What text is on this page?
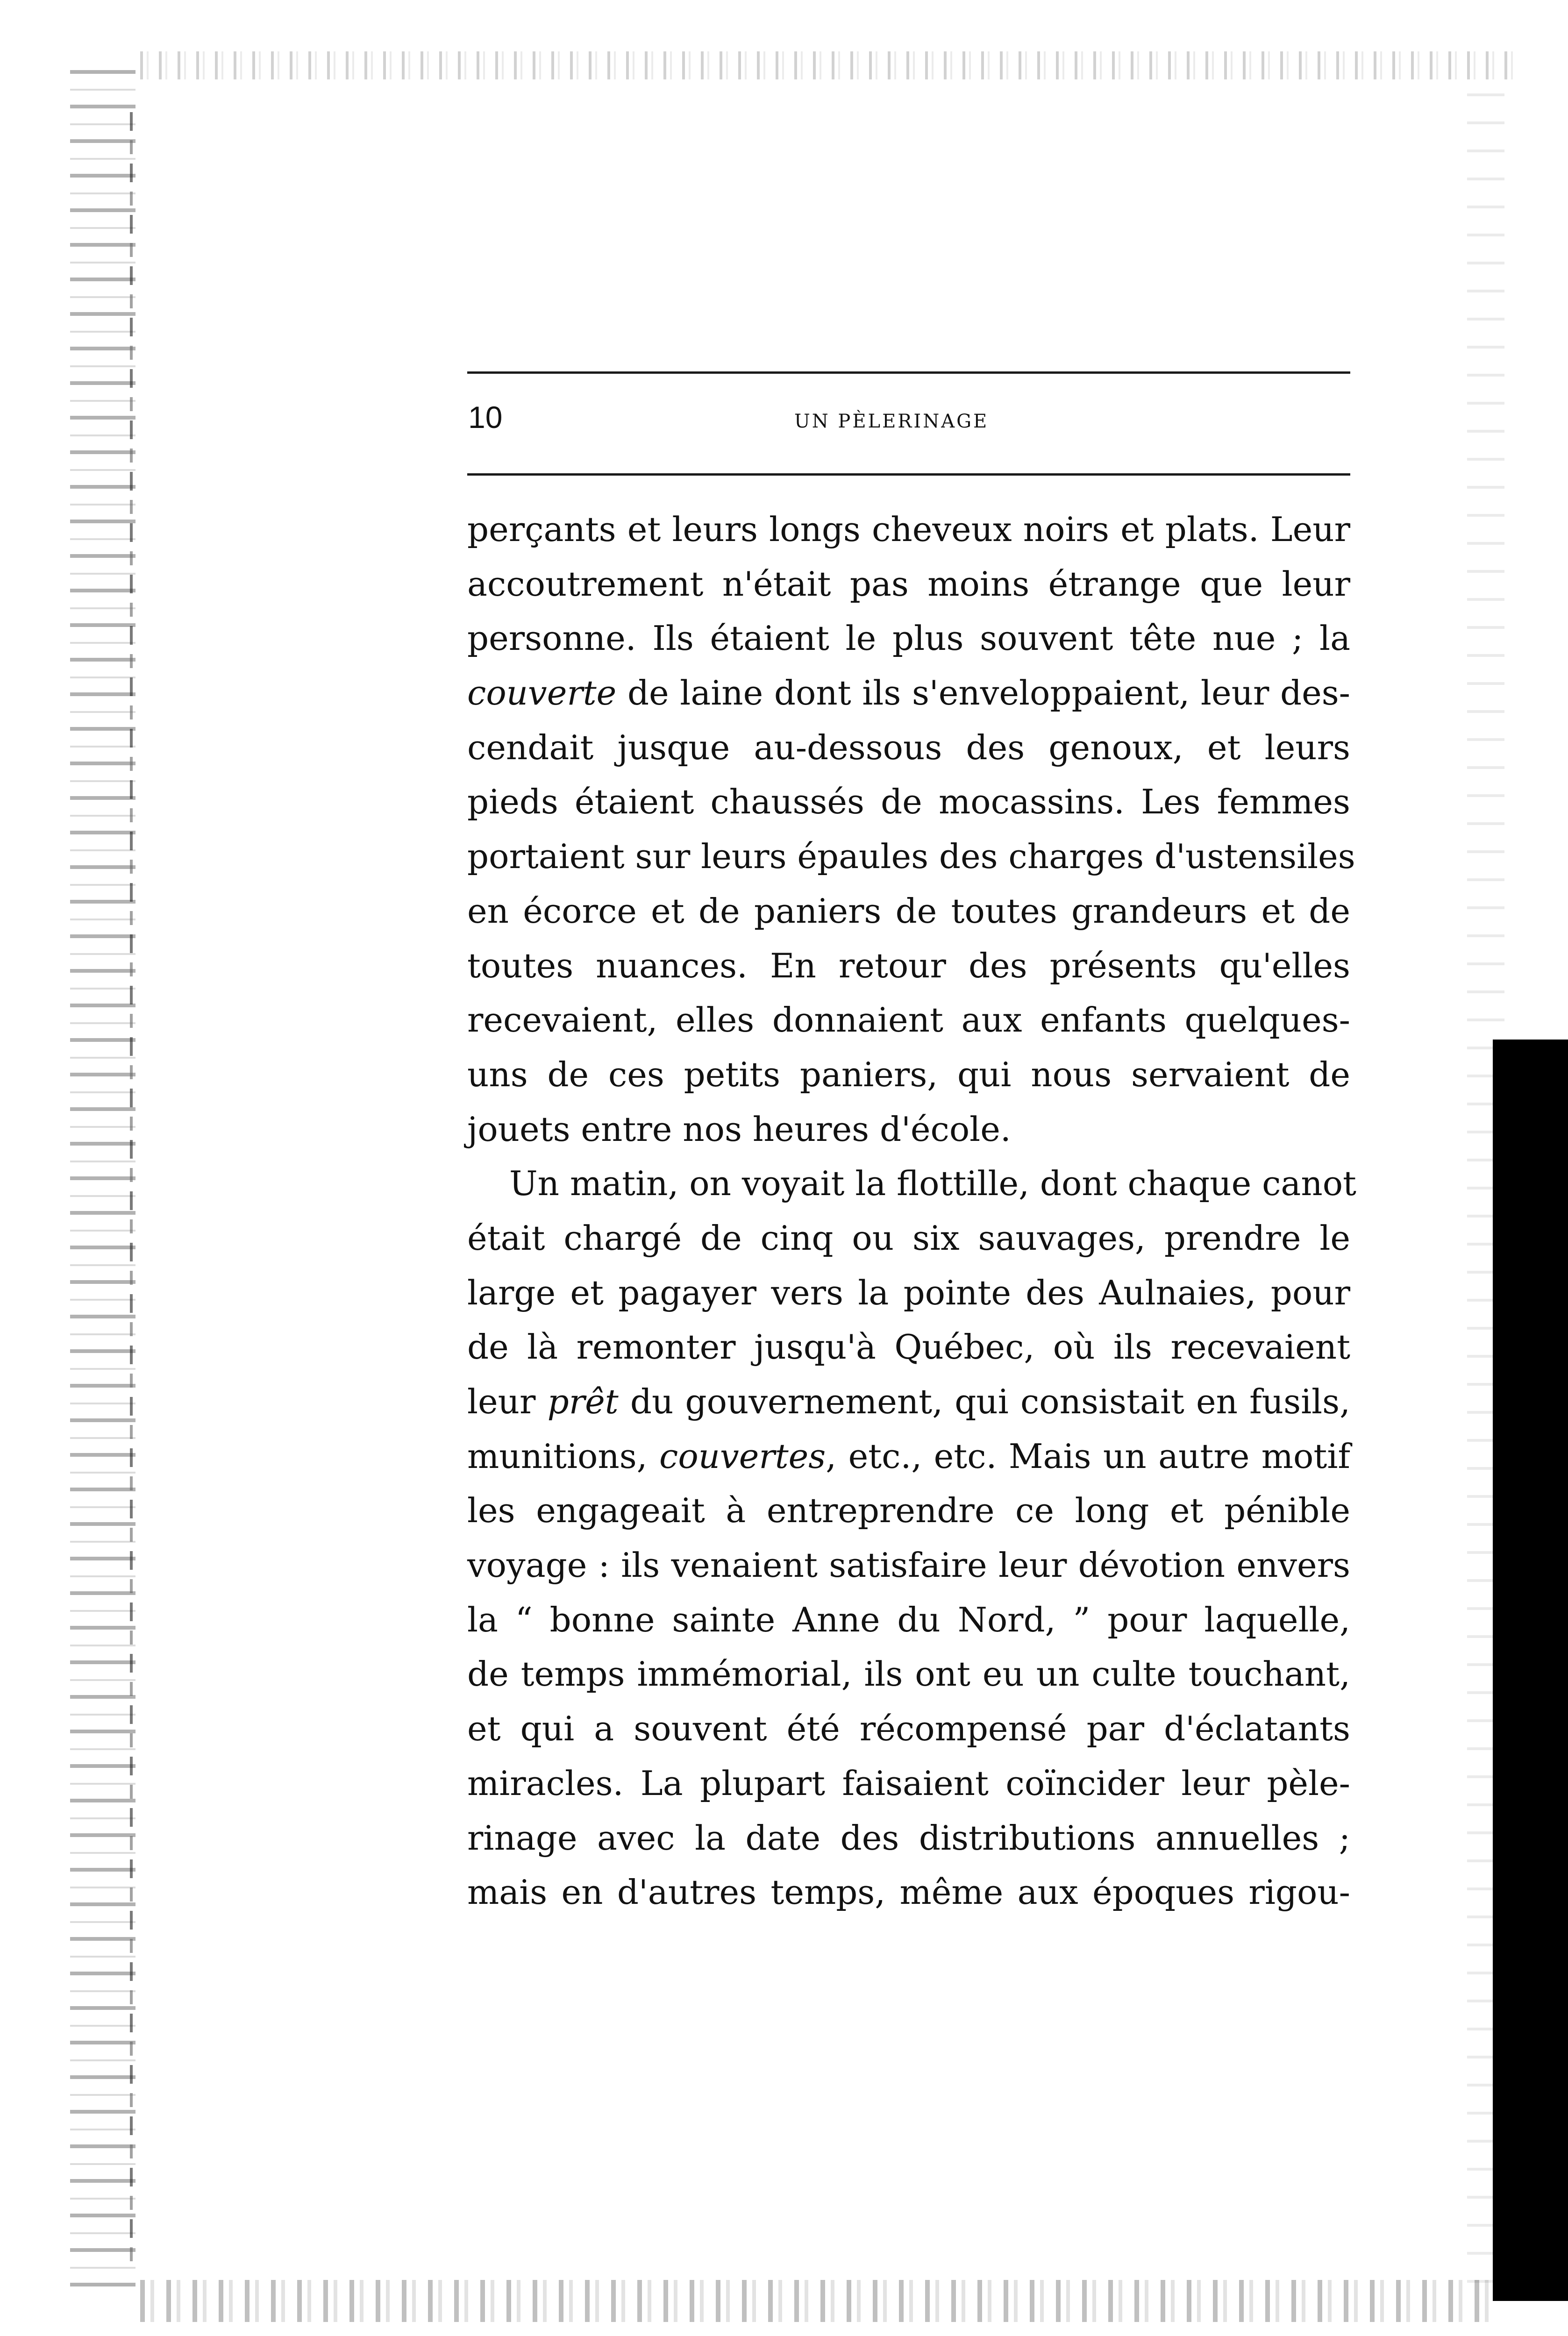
10	UN PÈLERINAGE
perçants et leurs longs cheveux noirs et plats. Leur
accoutrement n'était pas moins étrange que leur
personne. Ils étaient le plus souvent tête nue ; la
couverte de laine dont ils s'enveloppaient, leur des-
cendait jusque au-dessous des genoux, et leurs
pieds étaient chaussés de mocassins. Les femmes
portaient sur leurs épaules des charges d'ustensiles
en écorce et de paniers de toutes grandeurs et de
toutes nuances. En retour des présents qu'elles
recevaient, elles donnaient aux enfants quelques-
uns de ces petits paniers, qui nous servaient de
jouets entre nos heures d'école.
Un matin, on voyait la flottille, dont chaque canot
était chargé de cinq ou six sauvages, prendre le
large et pagayer vers la pointe des Aulnaies, pour
de là remonter jusqu'à Québec, où ils recevaient
leur prêt du gouvernement, qui consistait en fusils,
munitions, couvertes, etc., etc. Mais un autre motif
les engageait à entreprendre ce long et pénible
voyage : ils venaient satisfaire leur dévotion envers
la “ bonne sainte Anne du Nord, ” pour laquelle,
de temps immémorial, ils ont eu un culte touchant,
et qui a souvent été récompensé par d'éclatants
miracles. La plupart faisaient coïncider leur pèle-
rinage avec la date des distributions annuelles ;
mais en d'autres temps, même aux époques rigou-
